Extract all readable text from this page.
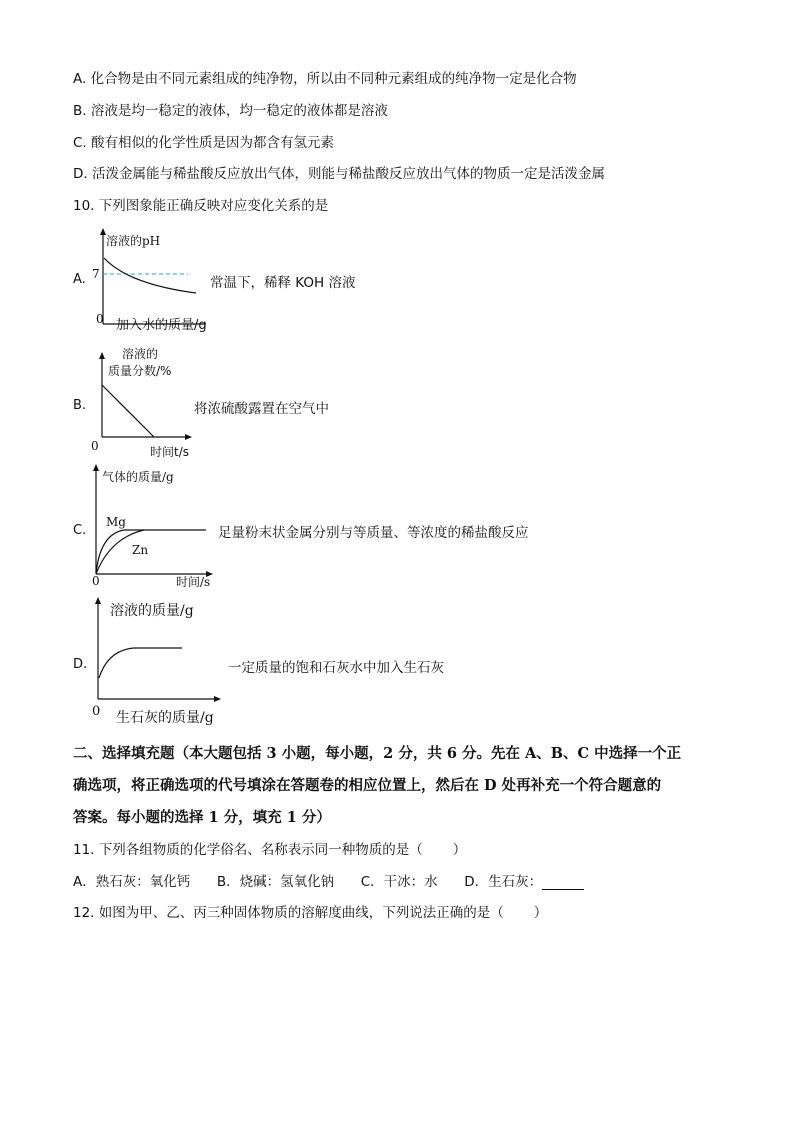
A. 化合物是由不同元素组成的纯净物，所以由不同种元素组成的纯净物一定是化合物
B. 溶液是均一稳定的液体，均一稳定的液体都是溶液
C. 酸有相似的化学性质是因为都含有氢元素
D. 活泼金属能与稀盐酸反应放出气体，则能与稀盐酸反应放出气体的物质一定是活泼金属
10. 下列图象能正确反映对应变化关系的是
A.
溶液的pH
7
0 加入水的质量/g
常温下，稀释 KOH 溶液
B.
溶液的
质量分数/%
0	时间t/s
将浓硫酸露置在空气中
C.
气体的质量/g
Mg
Zn
0	时间/s
足量粉末状金属分别与等质量、等浓度的稀盐酸反应
D.
溶液的质量/g
0 生石灰的质量/g
一定质量的饱和石灰水中加入生石灰
二、选择填充题（本大题包括 3 小题，每小题，2 分，共 6 分。先在 A、B、C 中选择一个正
确选项，将正确选项的代号填涂在答题卷的相应位置上，然后在 D 处再补充一个符合题意的
答案。每小题的选择 1 分，填充 1 分）
11. 下列各组物质的化学俗名、名称表示同一种物质的是（ ）
A．熟石灰：氧化钙 B．烧碱：氢氧化钠 C．干冰：水 D．生石灰：
12. 如图为甲、乙、丙三种固体物质的溶解度曲线，下列说法正确的是（ ）
